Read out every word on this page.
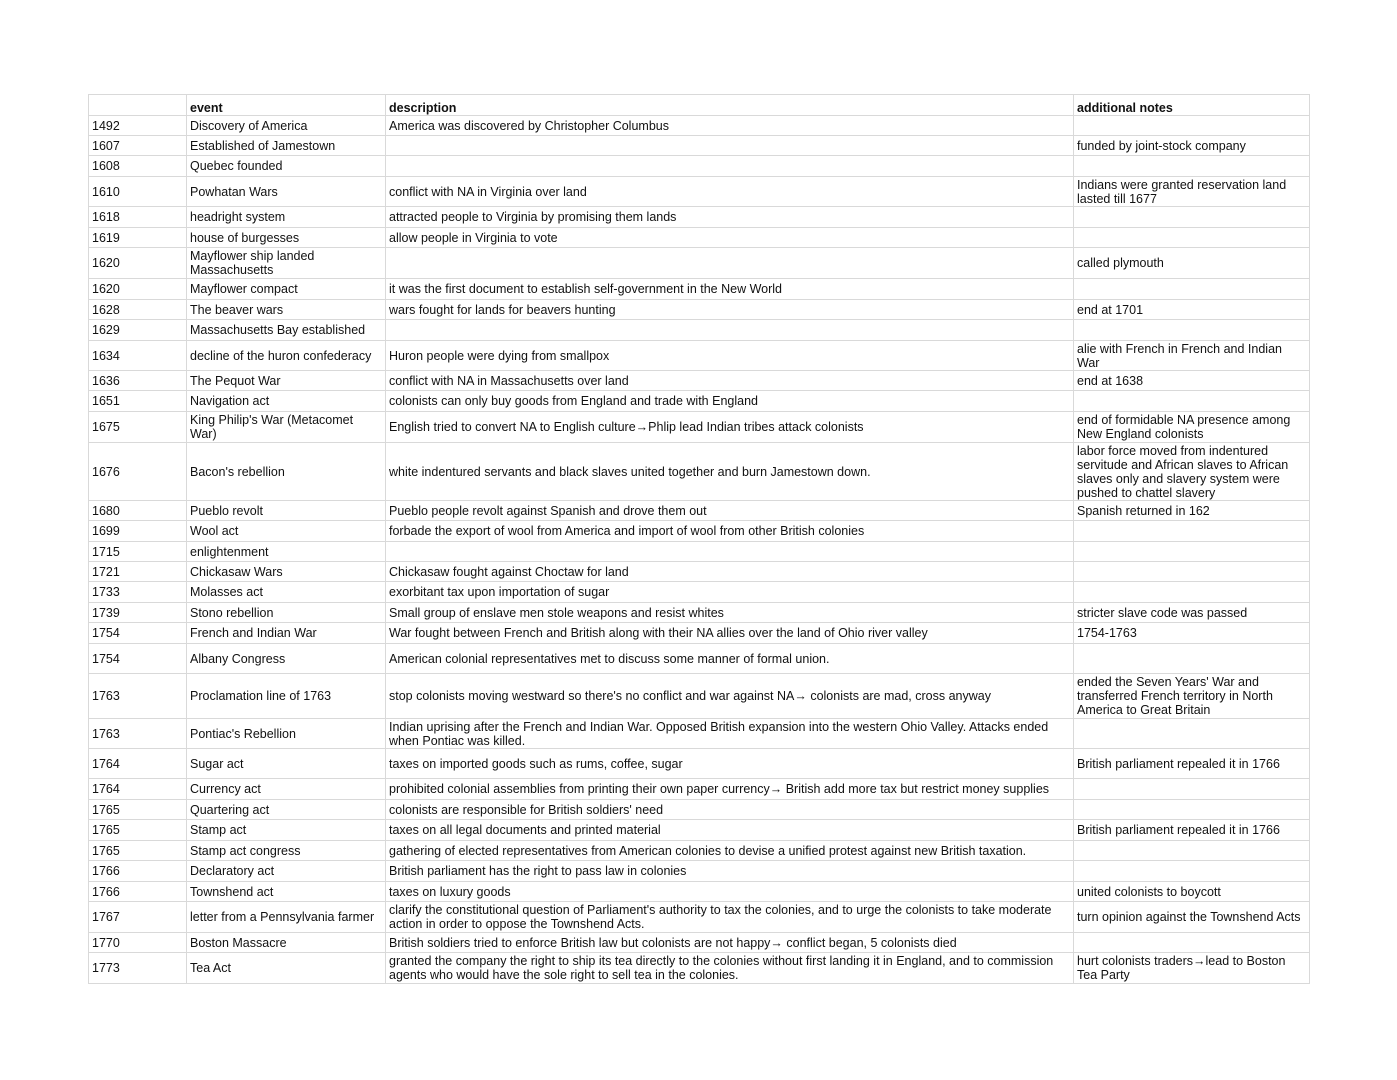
	event	description	additional notes
1492	Discovery of America	America was discovered by Christopher Columbus	
1607	Established of Jamestown		funded by joint-stock company
1608	Quebec founded		
1610	Powhatan Wars	conflict with NA in Virginia over land	Indians were granted reservation land lasted till 1677
1618	headright system	attracted people to Virginia by promising them lands	
1619	house of burgesses	allow people in Virginia to vote	
1620	Mayflower ship landed Massachusetts		called plymouth
1620	Mayflower compact	it was the first document to establish self-government in the New World	
1628	The beaver wars	wars fought for lands for beavers hunting	end at 1701
1629	Massachusetts Bay established		
1634	decline of the huron confederacy	Huron people were dying from smallpox	alie with French in French and Indian War
1636	The Pequot War	conflict with NA in Massachusetts over land	end at 1638
1651	Navigation act	colonists can only buy goods from England and trade with England	
1675	King Philip's War (Metacomet War)	English tried to convert NA to English culture→Phlip lead Indian tribes attack colonists	end of formidable NA presence among New England colonists
1676	Bacon's rebellion	white indentured servants and black slaves united together and burn Jamestown down.	labor force moved from indentured servitude and African slaves to African slaves only and slavery system were pushed to chattel slavery
1680	Pueblo revolt	Pueblo people revolt against Spanish and drove them out	Spanish returned in 162
1699	Wool act	forbade the export of wool from America and import of wool from other British colonies	
1715	enlightenment		
1721	Chickasaw Wars	Chickasaw fought against Choctaw for land	
1733	Molasses act	exorbitant tax upon importation of sugar	
1739	Stono rebellion	Small group of enslave men stole weapons and resist whites	stricter slave code was passed
1754	French and Indian War	War fought between French and British along with their NA allies over the land of Ohio river valley	1754-1763
1754	Albany Congress	American colonial representatives met to discuss some manner of formal union.	
1763	Proclamation line of 1763	stop colonists moving westward so there's no conflict and war against NA→ colonists are mad, cross anyway	ended the Seven Years' War and transferred French territory in North America to Great Britain
1763	Pontiac's Rebellion	Indian uprising after the French and Indian War. Opposed British expansion into the western Ohio Valley. Attacks ended when Pontiac was killed.	
1764	Sugar act	taxes on imported goods such as rums, coffee, sugar	British parliament repealed it in 1766
1764	Currency act	prohibited colonial assemblies from printing their own paper currency→ British add more tax but restrict money supplies	
1765	Quartering act	colonists are responsible for British soldiers' need	
1765	Stamp act	taxes on all legal documents and printed material	British parliament repealed it in 1766
1765	Stamp act congress	gathering of elected representatives from American colonies to devise a unified protest against new British taxation.	
1766	Declaratory act	British parliament has the right to pass law in colonies	
1766	Townshend act	taxes on luxury goods	united colonists to boycott
1767	letter from a Pennsylvania farmer	clarify the constitutional question of Parliament's authority to tax the colonies, and to urge the colonists to take moderate action in order to oppose the Townshend Acts.	turn opinion against the Townshend Acts
1770	Boston Massacre	British soldiers tried to enforce British law but colonists are not happy→ conflict began, 5 colonists died	
1773	Tea Act	granted the company the right to ship its tea directly to the colonies without first landing it in England, and to commission agents who would have the sole right to sell tea in the colonies.	hurt colonists traders→lead to Boston Tea Party
